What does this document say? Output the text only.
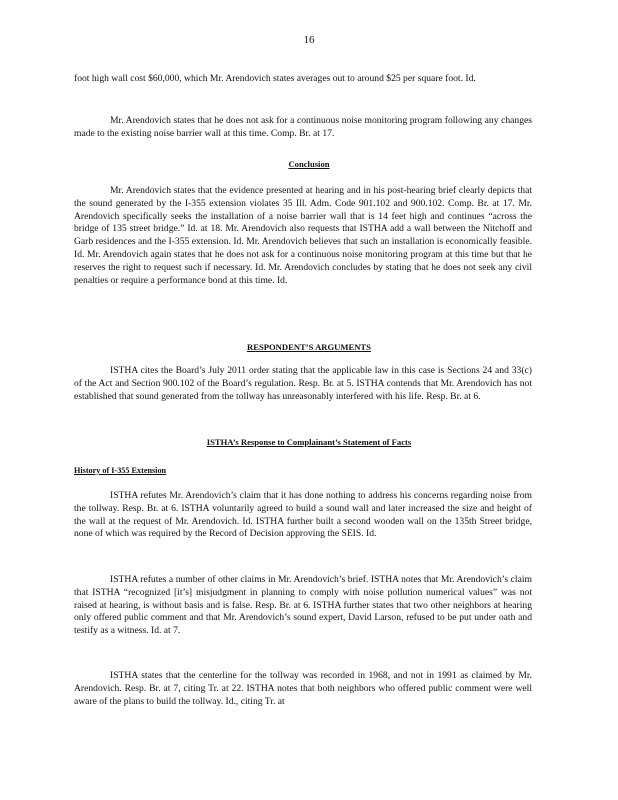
16

foot high wall cost $60,000, which Mr. Arendovich states averages out to around $25 per square foot. Id.

Mr. Arendovich states that he does not ask for a continuous noise monitoring program following any changes made to the existing noise barrier wall at this time. Comp. Br. at 17.

Conclusion

Mr. Arendovich states that the evidence presented at hearing and in his post-hearing brief clearly depicts that the sound generated by the I-355 extension violates 35 Ill. Adm. Code 901.102 and 900.102. Comp. Br. at 17. Mr. Arendovich specifically seeks the installation of a noise barrier wall that is 14 feet high and continues “across the bridge of 135 street bridge.” Id. at 18. Mr. Arendovich also requests that ISTHA add a wall between the Nitchoff and Garb residences and the I-355 extension. Id. Mr. Arendovich believes that such an installation is economically feasible. Id. Mr. Arendovich again states that he does not ask for a continuous noise monitoring program at this time but that he reserves the right to request such if necessary. Id. Mr. Arendovich concludes by stating that he does not seek any civil penalties or require a performance bond at this time. Id.

RESPONDENT’S ARGUMENTS

ISTHA cites the Board’s July 2011 order stating that the applicable law in this case is Sections 24 and 33(c) of the Act and Section 900.102 of the Board’s regulation. Resp. Br. at 5. ISTHA contends that Mr. Arendovich has not established that sound generated from the tollway has unreasonably interfered with his life. Resp. Br. at 6.

ISTHA’s Response to Complainant’s Statement of Facts
History of I-355 Extension

ISTHA refutes Mr. Arendovich’s claim that it has done nothing to address his concerns regarding noise from the tollway. Resp. Br. at 6. ISTHA voluntarily agreed to build a sound wall and later increased the size and height of the wall at the request of Mr. Arendovich. Id. ISTHA further built a second wooden wall on the 135th Street bridge, none of which was required by the Record of Decision approving the SEIS. Id.

ISTHA refutes a number of other claims in Mr. Arendovich’s brief. ISTHA notes that Mr. Arendovich’s claim that ISTHA “recognized [it’s] misjudgment in planning to comply with noise pollution numerical values” was not raised at hearing, is without basis and is false. Resp. Br. at 6. ISTHA further states that two other neighbors at hearing only offered public comment and that Mr. Arendovich’s sound expert, David Larson, refused to be put under oath and testify as a witness. Id. at 7.

ISTHA states that the centerline for the tollway was recorded in 1968, and not in 1991 as claimed by Mr. Arendovich. Resp. Br. at 7, citing Tr. at 22. ISTHA notes that both neighbors who offered public comment were well aware of the plans to build the tollway. Id., citing Tr. at
